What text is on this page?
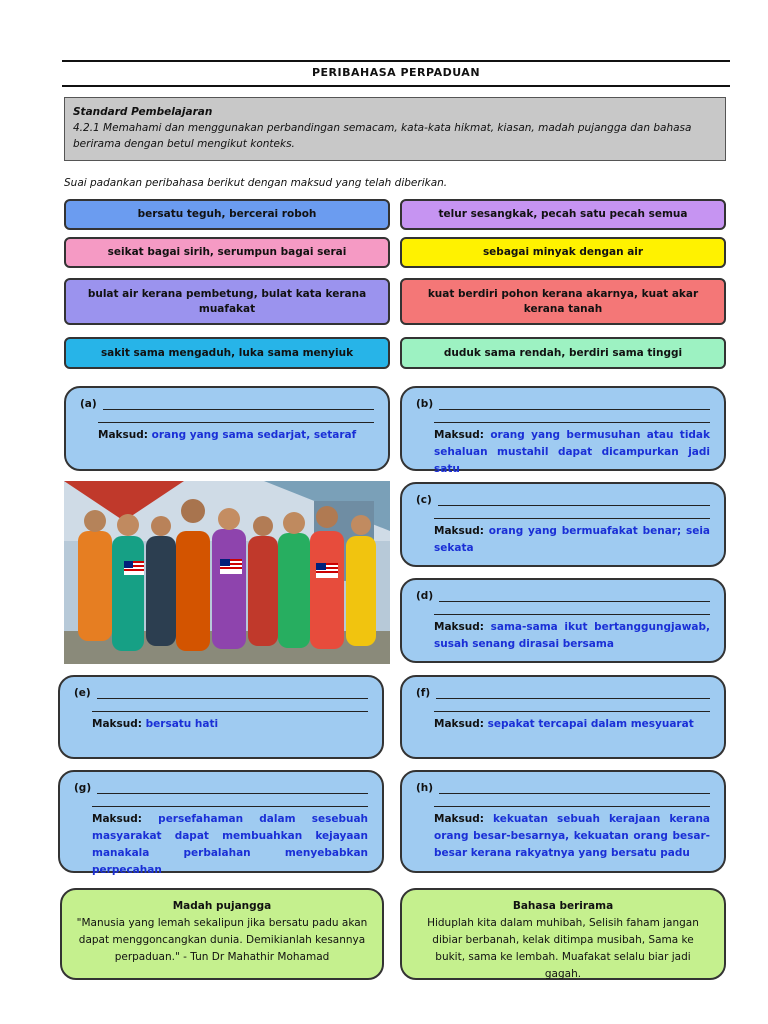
PERIBAHASA PERPADUAN
Standard Pembelajaran
4.2.1 Memahami dan menggunakan perbandingan semacam, kata-kata hikmat, kiasan, madah pujangga dan bahasa berirama dengan betul mengikut konteks.
Suai padankan peribahasa berikut dengan maksud yang telah diberikan.
bersatu teguh, bercerai roboh	telur sesangkak, pecah satu pecah semua
seikat bagai sirih, serumpun bagai serai	sebagai minyak dengan air
bulat air kerana pembetung, bulat kata kerana muafakat
kuat berdiri pohon kerana akarnya, kuat akar kerana tanah
sakit sama mengaduh, luka sama menyiuk	duduk sama rendah, berdiri sama tinggi
(a)
Maksud: orang yang sama sedarjat, setaraf
(b)
Maksud: orang yang bermusuhan atau tidak sehaluan mustahil dapat dicampurkan jadi satu
(c)
Maksud: orang yang bermuafakat benar; seia sekata
(d)
Maksud: sama-sama ikut bertanggungjawab, susah senang dirasai bersama
(e)
Maksud: bersatu hati
(f)
Maksud: sepakat tercapai dalam mesyuarat
(g)
Maksud: persefahaman dalam sesebuah masyarakat dapat membuahkan kejayaan manakala perbalahan menyebabkan perpecahan
(h)
Maksud: kekuatan sebuah kerajaan kerana orang besar-besarnya, kekuatan orang besar-besar kerana rakyatnya yang bersatu padu
Madah pujangga
"Manusia yang lemah sekalipun jika bersatu padu akan dapat menggoncangkan dunia. Demikianlah kesannya perpaduan." - Tun Dr Mahathir Mohamad
Bahasa berirama
Hiduplah kita dalam muhibah, Selisih faham jangan dibiar berbanah, kelak ditimpa musibah, Sama ke bukit, sama ke lembah. Muafakat selalu biar jadi gagah.
